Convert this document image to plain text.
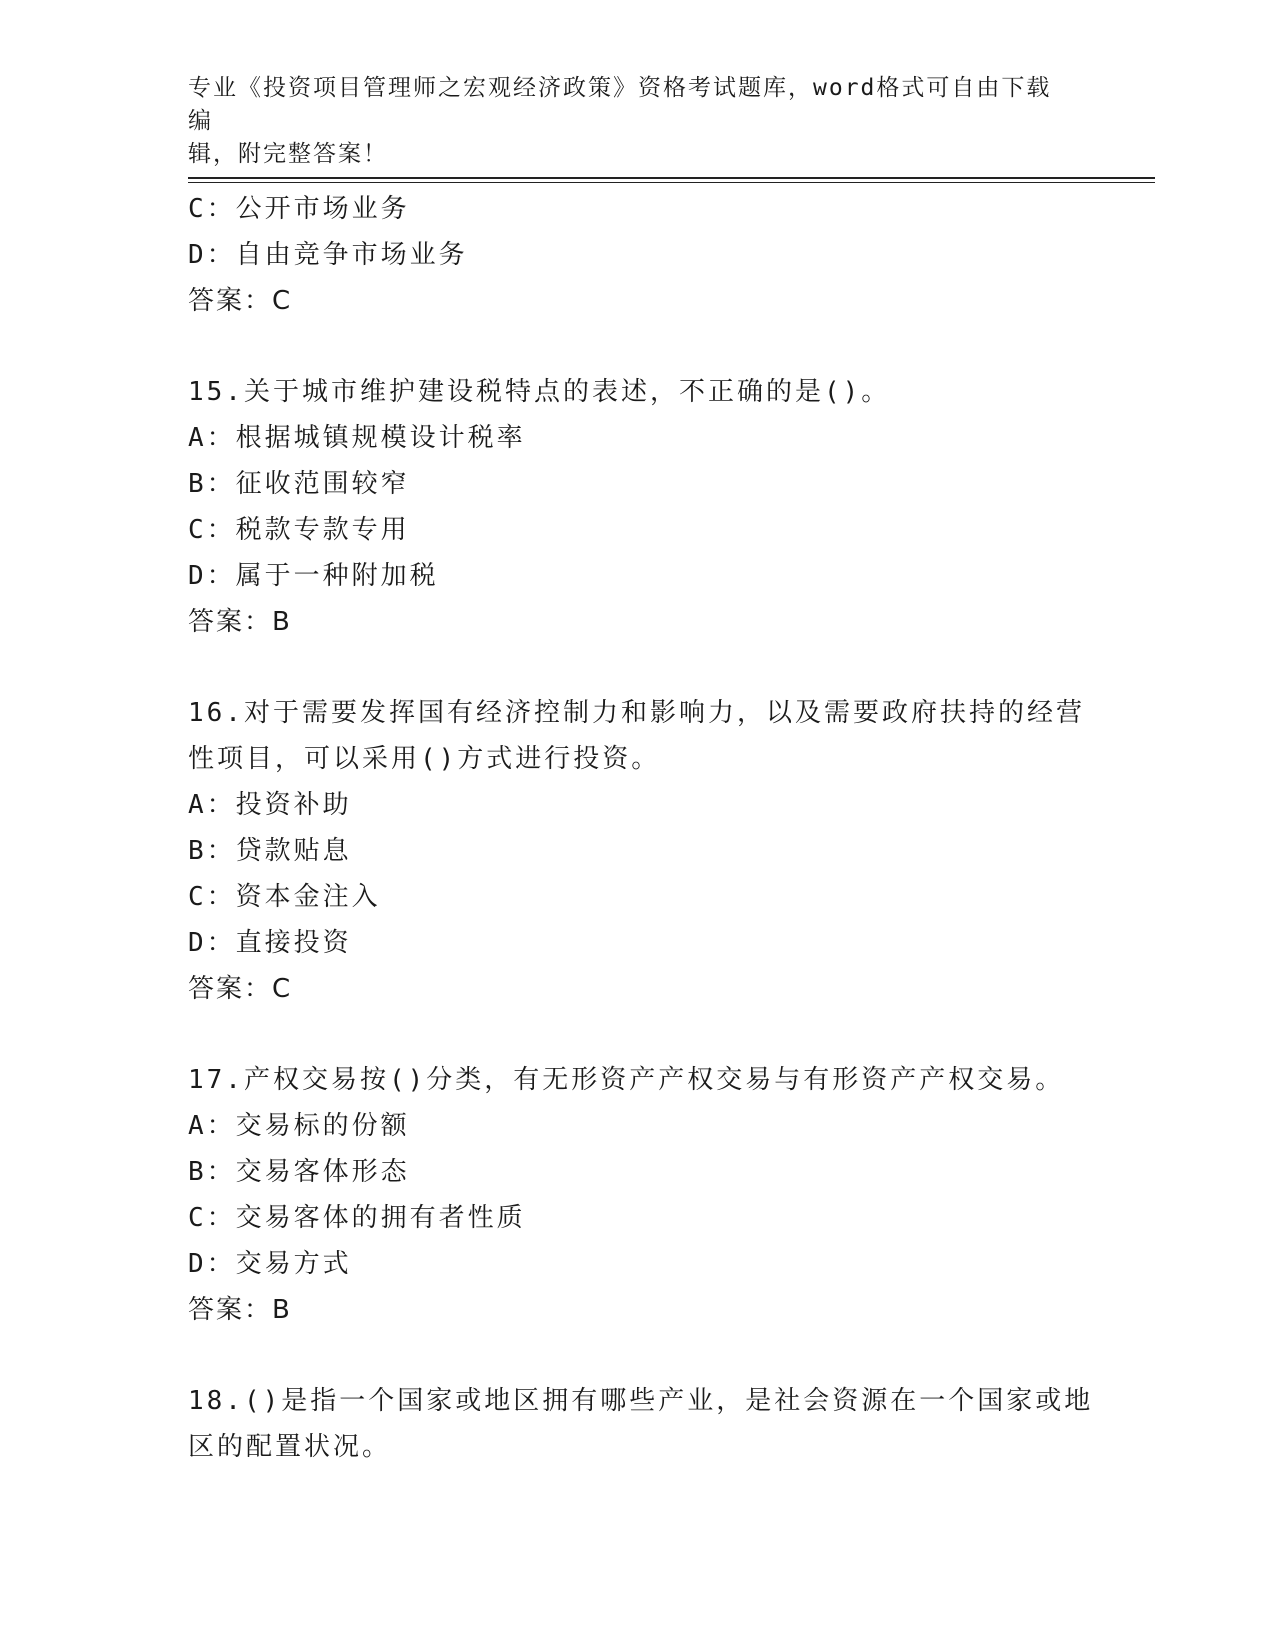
专业《投资项目管理师之宏观经济政策》资格考试题库，word格式可自由下载编
辑，附完整答案！
C：公开市场业务
D：自由竞争市场业务
答案：C
15.关于城市维护建设税特点的表述，不正确的是()。
A：根据城镇规模设计税率
B：征收范围较窄
C：税款专款专用
D：属于一种附加税
答案：B
16.对于需要发挥国有经济控制力和影响力，以及需要政府扶持的经营
性项目，可以采用()方式进行投资。
A：投资补助
B：贷款贴息
C：资本金注入
D：直接投资
答案：C
17.产权交易按()分类，有无形资产产权交易与有形资产产权交易。
A：交易标的份额
B：交易客体形态
C：交易客体的拥有者性质
D：交易方式
答案：B
18.()是指一个国家或地区拥有哪些产业，是社会资源在一个国家或地
区的配置状况。
